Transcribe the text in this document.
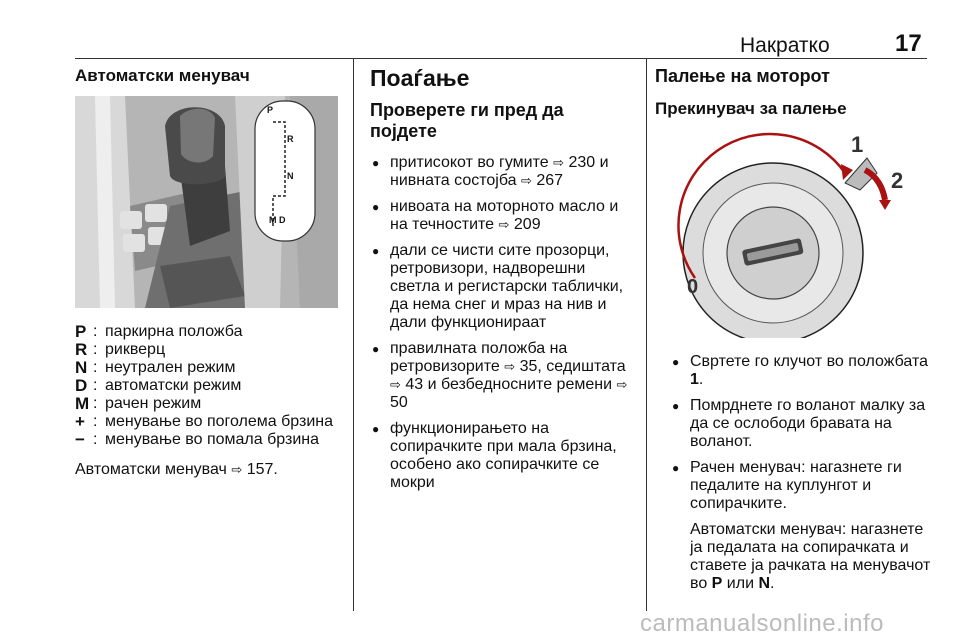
Накратко	17
Автоматски менувач
P
R
N
M D
P : паркирна положба
R : рикверц
N : неутрален режим
D : автоматски режим
M : рачен режим
+ : менување во поголема брзина
− : менување во помала брзина
Автоматски менувач ⇨ 157.
Поаѓање
Проверете ги пред да појдете
● притисокот во гумите ⇨ 230 и нивната состојба ⇨ 267
● нивоата на моторното масло и на течностите ⇨ 209
● дали се чисти сите прозорци, ретровизори, надворешни светла и регистарски таблички, да нема снег и мраз на нив и дали функционираат
● правилната положба на ретровизорите ⇨ 35, седиштата ⇨ 43 и безбедносните ремени ⇨ 50
● функционирањето на сопирачките при мала брзина, особено ако сопирачките се мокри
Палење на моторот
Прекинувач за палење
0
1
2
● Свртете го клучот во положбата 1.
● Помрднете го воланот малку за да се ослободи бравата на воланот.
● Рачен менувач: нагазнете ги педалите на куплунгот и сопирачките.
Автоматски менувач: нагазнете ја педалата на сопирачката и ставете ја рачката на менувачот во P или N.
carmanualsonline.info
